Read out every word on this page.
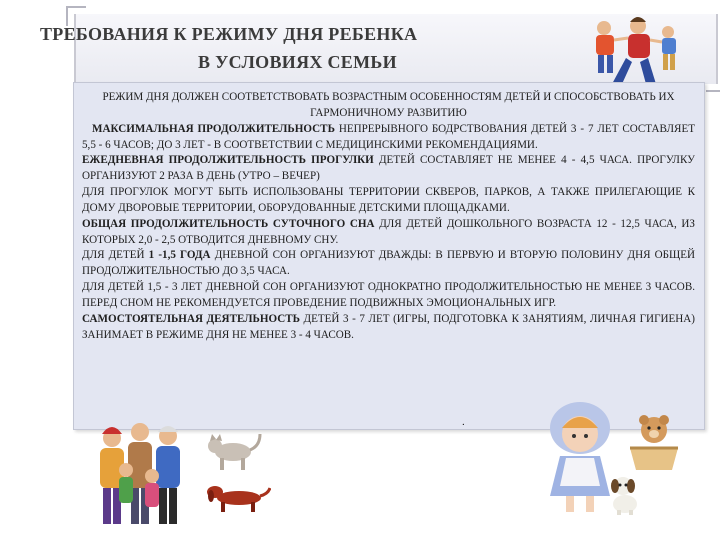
ТРЕБОВАНИЯ К РЕЖИМУ ДНЯ РЕБЕНКА
В УСЛОВИЯХ СЕМЬИ

РЕЖИМ ДНЯ ДОЛЖЕН СООТВЕТСТВОВАТЬ ВОЗРАСТНЫМ ОСОБЕННОСТЯМ ДЕТЕЙ И СПОСОБСТВОВАТЬ ИХ ГАРМОНИЧНОМУ РАЗВИТИЮ

МАКСИМАЛЬНАЯ ПРОДОЛЖИТЕЛЬНОСТЬ НЕПРЕРЫВНОГО БОДРСТВОВАНИЯ ДЕТЕЙ 3 - 7 ЛЕТ СОСТАВЛЯЕТ 5,5 - 6 ЧАСОВ; ДО 3 ЛЕТ - В СООТВЕТСТВИИ С МЕДИЦИНСКИМИ РЕКОМЕНДАЦИЯМИ.

ЕЖЕДНЕВНАЯ ПРОДОЛЖИТЕЛЬНОСТЬ ПРОГУЛКИ ДЕТЕЙ СОСТАВЛЯЕТ НЕ МЕНЕЕ 4 - 4,5 ЧАСА. ПРОГУЛКУ ОРГАНИЗУЮТ 2 РАЗА В ДЕНЬ (УТРО – ВЕЧЕР)

ДЛЯ ПРОГУЛОК МОГУТ БЫТЬ ИСПОЛЬЗОВАНЫ ТЕРРИТОРИИ СКВЕРОВ, ПАРКОВ, А ТАКЖЕ ПРИЛЕГАЮЩИЕ К ДОМУ ДВОРОВЫЕ ТЕРРИТОРИИ, ОБОРУДОВАННЫЕ ДЕТСКИМИ ПЛОЩАДКАМИ.

ОБЩАЯ ПРОДОЛЖИТЕЛЬНОСТЬ СУТОЧНОГО СНА ДЛЯ ДЕТЕЙ ДОШКОЛЬНОГО ВОЗРАСТА 12 - 12,5 ЧАСА, ИЗ КОТОРЫХ 2,0 - 2,5 ОТВОДИТСЯ ДНЕВНОМУ СНУ.

ДЛЯ ДЕТЕЙ 1 -1,5 ГОДА ДНЕВНОЙ СОН ОРГАНИЗУЮТ ДВАЖДЫ: В ПЕРВУЮ И ВТОРУЮ ПОЛОВИНУ ДНЯ ОБЩЕЙ ПРОДОЛЖИТЕЛЬНОСТЬЮ ДО 3,5 ЧАСА.

ДЛЯ ДЕТЕЙ 1,5 - 3 ЛЕТ ДНЕВНОЙ СОН ОРГАНИЗУЮТ ОДНОКРАТНО ПРОДОЛЖИТЕЛЬНОСТЬЮ НЕ МЕНЕЕ 3 ЧАСОВ. ПЕРЕД СНОМ НЕ РЕКОМЕНДУЕТСЯ ПРОВЕДЕНИЕ ПОДВИЖНЫХ ЭМОЦИОНАЛЬНЫХ ИГР.

САМОСТОЯТЕЛЬНАЯ ДЕЯТЕЛЬНОСТЬ ДЕТЕЙ 3 - 7 ЛЕТ (ИГРЫ, ПОДГОТОВКА К ЗАНЯТИЯМ, ЛИЧНАЯ ГИГИЕНА) ЗАНИМАЕТ В РЕЖИМЕ ДНЯ НЕ МЕНЕЕ 3 - 4 ЧАСОВ.

.
